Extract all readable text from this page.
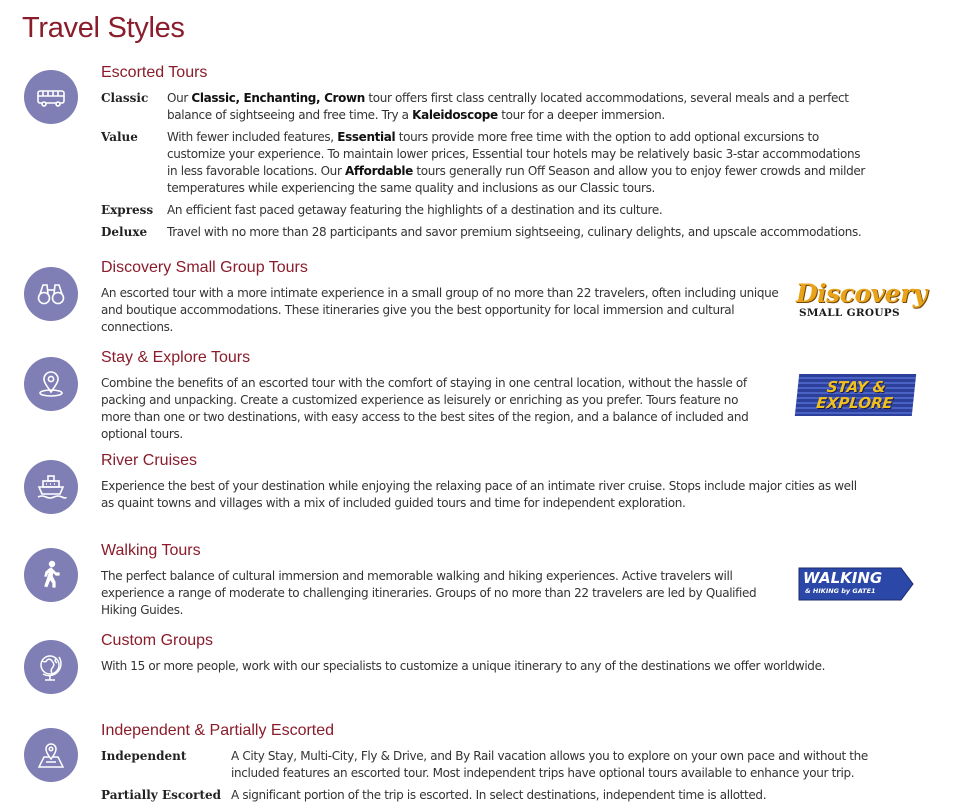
Travel Styles
Escorted Tours
Classic Our Classic, Enchanting, Crown tour offers first class centrally located accommodations, several meals and a perfect balance of sightseeing and free time. Try a Kaleidoscope tour for a deeper immersion.
Value With fewer included features, Essential tours provide more free time with the option to add optional excursions to customize your experience. To maintain lower prices, Essential tour hotels may be relatively basic 3-star accommodations in less favorable locations. Our Affordable tours generally run Off Season and allow you to enjoy fewer crowds and milder temperatures while experiencing the same quality and inclusions as our Classic tours.
Express An efficient fast paced getaway featuring the highlights of a destination and its culture.
Deluxe Travel with no more than 28 participants and savor premium sightseeing, culinary delights, and upscale accommodations.
Discovery Small Group Tours
An escorted tour with a more intimate experience in a small group of no more than 22 travelers, often including unique and boutique accommodations. These itineraries give you the best opportunity for local immersion and cultural connections.
Discovery
SMALL GROUPS
Stay & Explore Tours
Combine the benefits of an escorted tour with the comfort of staying in one central location, without the hassle of packing and unpacking. Create a customized experience as leisurely or enriching as you prefer. Tours feature no more than one or two destinations, with easy access to the best sites of the region, and a balance of included and optional tours.
STAY &
EXPLORE
River Cruises
Experience the best of your destination while enjoying the relaxing pace of an intimate river cruise. Stops include major cities as well as quaint towns and villages with a mix of included guided tours and time for independent exploration.
Walking Tours
The perfect balance of cultural immersion and memorable walking and hiking experiences. Active travelers will experience a range of moderate to challenging itineraries. Groups of no more than 22 travelers are led by Qualified Hiking Guides.
WALKING
& HIKING by GATE1
Custom Groups
With 15 or more people, work with our specialists to customize a unique itinerary to any of the destinations we offer worldwide.
Independent & Partially Escorted
Independent	A City Stay, Multi-City, Fly & Drive, and By Rail vacation allows you to explore on your own pace and without the included features an escorted tour. Most independent trips have optional tours available to enhance your trip.
Partially Escorted A significant portion of the trip is escorted. In select destinations, independent time is allotted.
